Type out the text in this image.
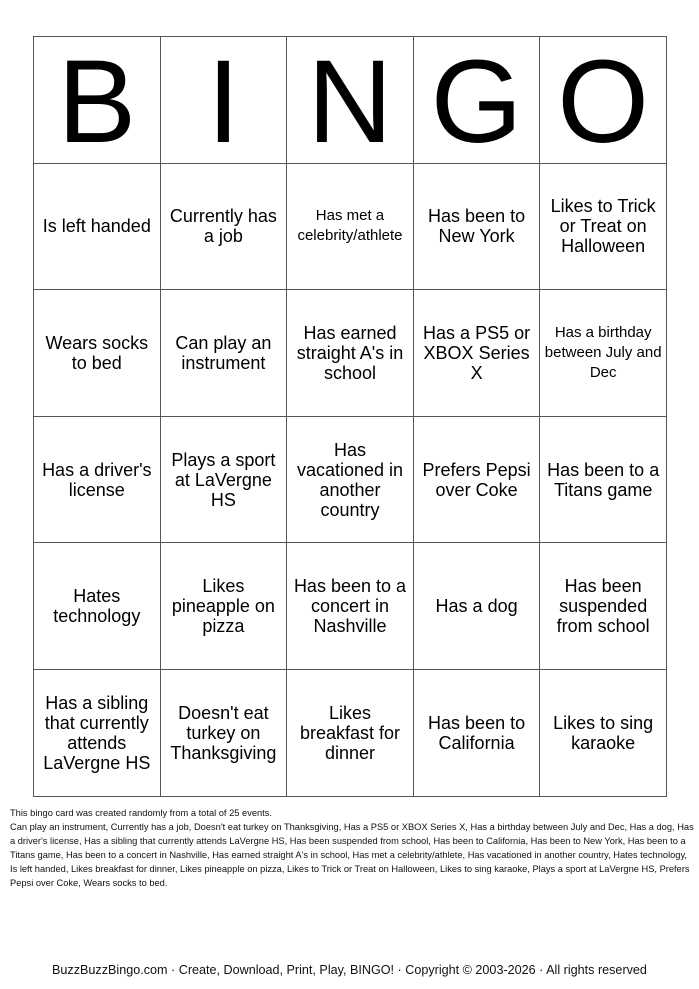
B	I	N	G	O
Is left handed	Currently has a job	Has met a celebrity/athlete	Has been to New York	Likes to Trick or Treat on Halloween
Wears socks to bed	Can play an instrument	Has earned straight A's in school	Has a PS5 or XBOX Series X	Has a birthday between July and Dec
Has a driver's license	Plays a sport at LaVergne HS	Has vacationed in another country	Prefers Pepsi over Coke	Has been to a Titans game
Hates technology	Likes pineapple on pizza	Has been to a concert in Nashville	Has a dog	Has been suspended from school
Has a sibling that currently attends LaVergne HS	Doesn't eat turkey on Thanksgiving	Likes breakfast for dinner	Has been to California	Likes to sing karaoke

This bingo card was created randomly from a total of 25 events.

Can play an instrument, Currently has a job, Doesn't eat turkey on Thanksgiving, Has a PS5 or XBOX Series X, Has a birthday between July and Dec, Has a dog, Has a driver's license, Has a sibling that currently attends LaVergne HS, Has been suspended from school, Has been to California, Has been to New York, Has been to a Titans game, Has been to a concert in Nashville, Has earned straight A's in school, Has met a celebrity/athlete, Has vacationed in another country, Hates technology, Is left handed, Likes breakfast for dinner, Likes pineapple on pizza, Likes to Trick or Treat on Halloween, Likes to sing karaoke, Plays a sport at LaVergne HS, Prefers Pepsi over Coke, Wears socks to bed.

BuzzBuzzBingo.com · Create, Download, Print, Play, BINGO! · Copyright © 2003-2026 · All rights reserved
